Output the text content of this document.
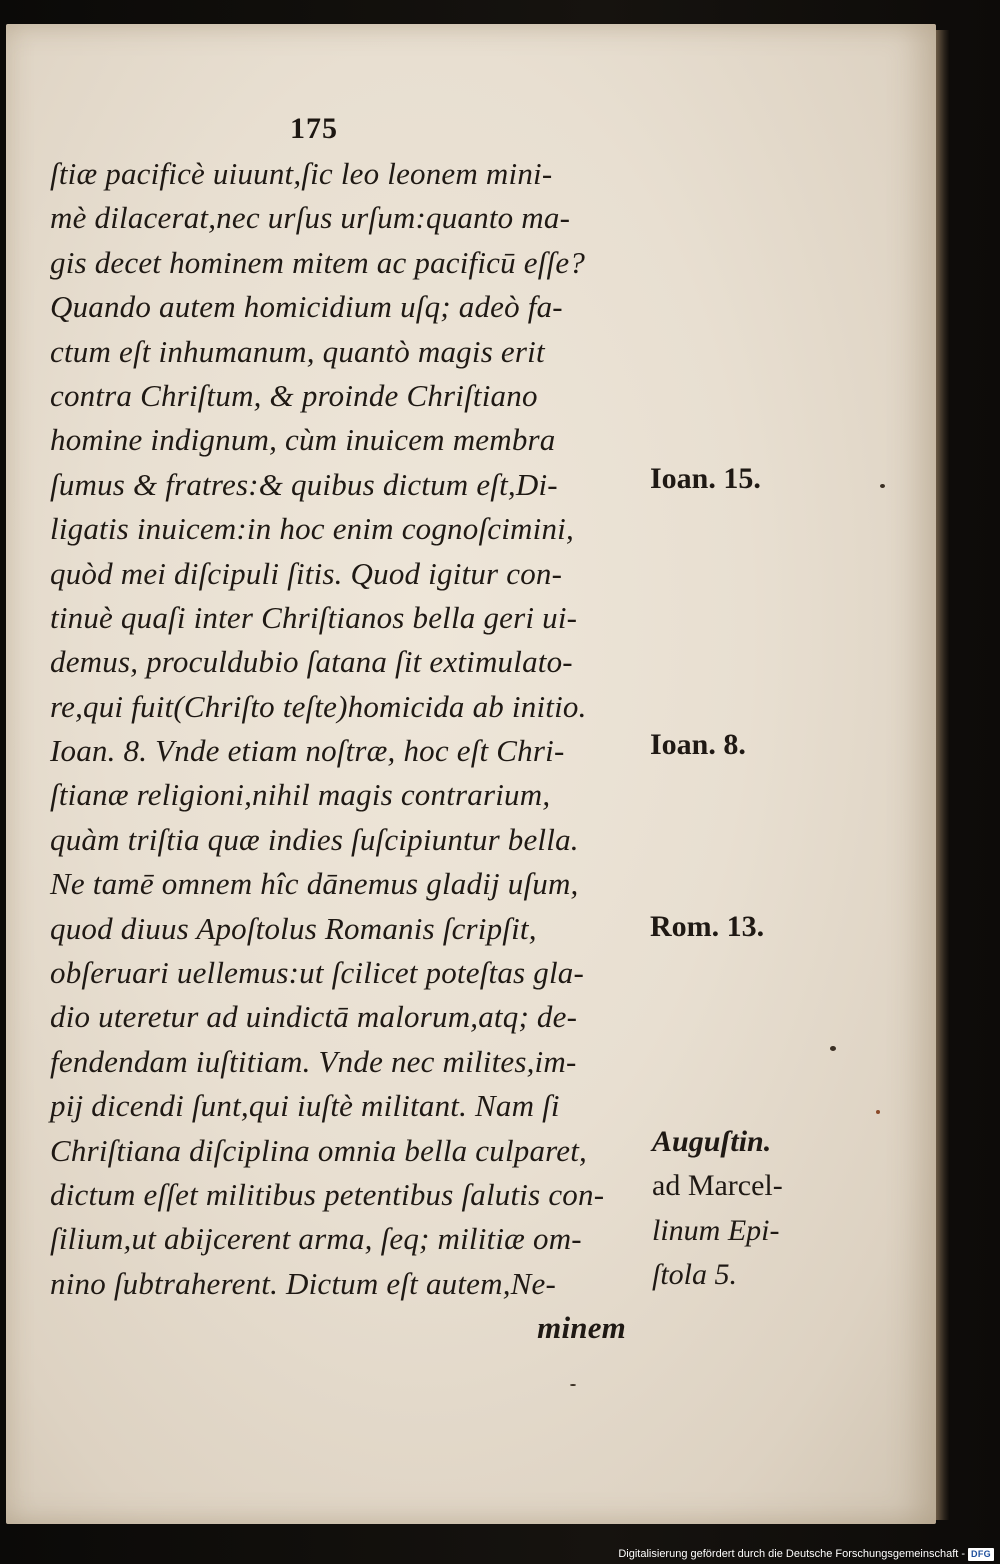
175
ſtiæ pacificè uiuunt,ſic leo leonem mini-
mè dilacerat,nec urſus urſum:quanto ma-
gis decet hominem mitem ac pacificū eſſe?
Quando autem homicidium uſq; adeò fa-
ctum eſt inhumanum, quantò magis erit
contra Chriſtum, & proinde Chriſtiano
homine indignum, cùm inuicem membra
ſumus & fratres:& quibus dictum eſt,Di-
ligatis inuicem:in hoc enim cognoſcimini,
quòd mei diſcipuli ſitis. Quod igitur con-
tinuè quaſi inter Chriſtianos bella geri ui-
demus, proculdubio ſatana ſit extimulato-
re,qui fuit(Chriſto teſte)homicida ab initio.
Ioan. 8. Vnde etiam noſtræ, hoc eſt Chri-
ſtianæ religioni,nihil magis contrarium,
quàm triſtia quæ indies ſuſcipiuntur bella.
Ne tamē omnem hîc dānemus gladij uſum,
quod diuus Apoſtolus Romanis ſcripſit,
obſeruari uellemus:ut ſcilicet poteſtas gla-
dio uteretur ad uindictā malorum,atq; de-
fendendam iuſtitiam. Vnde nec milites,im-
pij dicendi ſunt,qui iuſtè militant. Nam ſi
Chriſtiana diſciplina omnia bella culparet,
dictum eſſet militibus petentibus ſalutis con-
ſilium,ut abijcerent arma, ſeq; militiæ om-
nino ſubtraherent. Dictum eſt autem,Ne-
minem
Ioan. 15.
Ioan. 8.
Rom. 13.
Auguſtin.
ad Marcel-
linum Epi-
ſtola 5.
Digitalisierung gefördert durch die Deutsche Forschungsgemeinschaft - DFG
